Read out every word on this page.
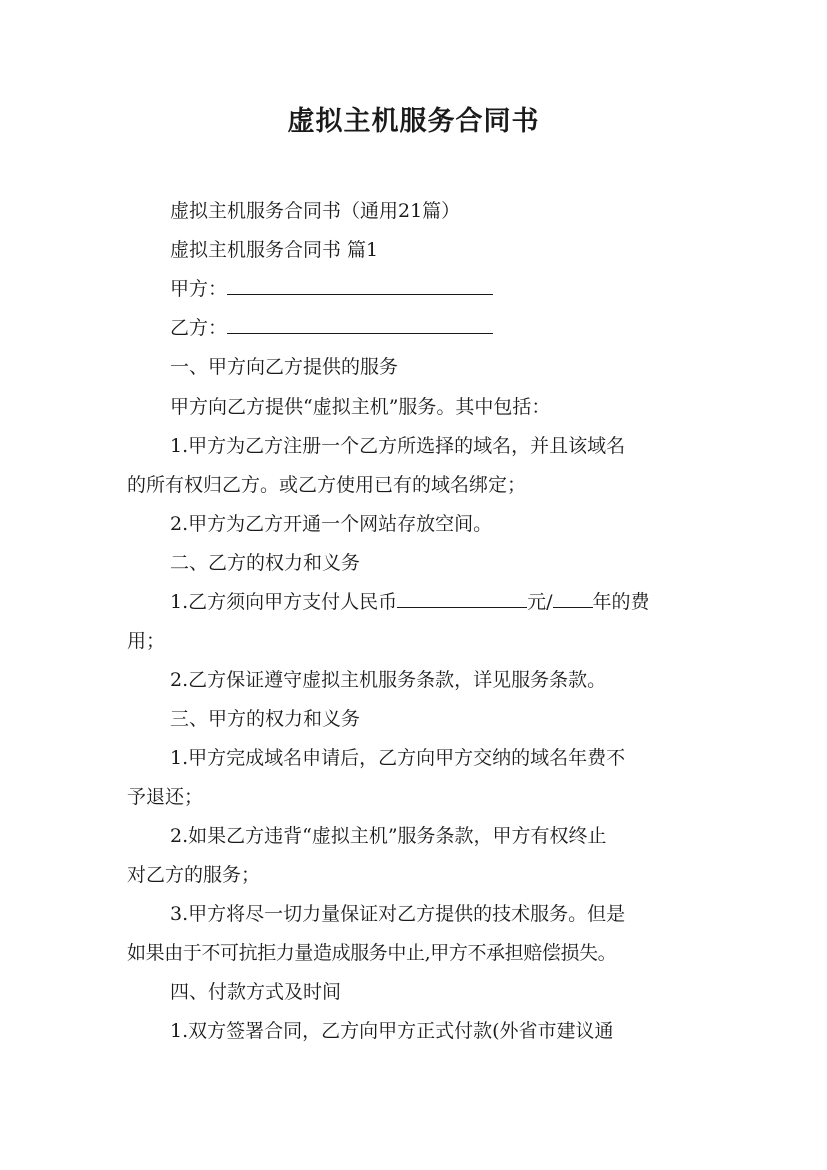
虚拟主机服务合同书
虚拟主机服务合同书（通用21篇）
虚拟主机服务合同书 篇1
甲方：
乙方：
一、甲方向乙方提供的服务
甲方向乙方提供“虚拟主机”服务。其中包括：
1.甲方为乙方注册一个乙方所选择的域名，并且该域名
的所有权归乙方。或乙方使用已有的域名绑定；
2.甲方为乙方开通一个网站存放空间。
二、乙方的权力和义务
1.乙方须向甲方支付人民币	元/ 年的费
用；
2.乙方保证遵守虚拟主机服务条款，详见服务条款。
三、甲方的权力和义务
1.甲方完成域名申请后，乙方向甲方交纳的域名年费不
予退还；
2.如果乙方违背“虚拟主机”服务条款，甲方有权终止
对乙方的服务；
3.甲方将尽一切力量保证对乙方提供的技术服务。但是
如果由于不可抗拒力量造成服务中止,甲方不承担赔偿损失。
四、付款方式及时间
1.双方签署合同，乙方向甲方正式付款(外省市建议通
